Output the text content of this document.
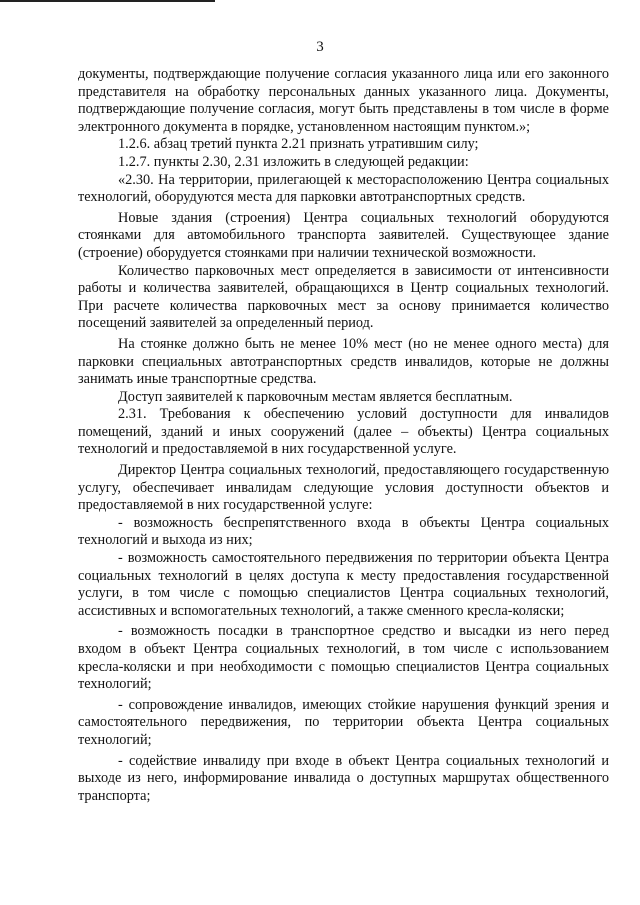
3

документы, подтверждающие получение согласия указанного лица или его законного представителя на обработку персональных данных указанного лица. Документы, подтверждающие получение согласия, могут быть представлены в том числе в форме электронного документа в порядке, установленном настоящим пунктом.»;

1.2.6. абзац третий пункта 2.21 признать утратившим силу;

1.2.7. пункты 2.30, 2.31 изложить в следующей редакции:

«2.30. На территории, прилегающей к месторасположению Центра социальных технологий, оборудуются места для парковки автотранспортных средств.

Новые здания (строения) Центра социальных технологий оборудуются стоянками для автомобильного транспорта заявителей. Существующее здание (строение) оборудуется стоянками при наличии технической возможности.

Количество парковочных мест определяется в зависимости от интенсивности работы и количества заявителей, обращающихся в Центр социальных технологий. При расчете количества парковочных мест за основу принимается количество посещений заявителей за определенный период.

На стоянке должно быть не менее 10% мест (но не менее одного места) для парковки специальных автотранспортных средств инвалидов, которые не должны занимать иные транспортные средства.

Доступ заявителей к парковочным местам является бесплатным.

2.31. Требования к обеспечению условий доступности для инвалидов помещений, зданий и иных сооружений (далее – объекты) Центра социальных технологий и предоставляемой в них государственной услуге.

Директор Центра социальных технологий, предоставляющего государственную услугу, обеспечивает инвалидам следующие условия доступности объектов и предоставляемой в них государственной услуге:

- возможность беспрепятственного входа в объекты Центра социальных технологий и выхода из них;

- возможность самостоятельного передвижения по территории объекта Центра социальных технологий в целях доступа к месту предоставления государственной услуги, в том числе с помощью специалистов Центра социальных технологий, ассистивных и вспомогательных технологий, а также сменного кресла-коляски;

- возможность посадки в транспортное средство и высадки из него перед входом в объект Центра социальных технологий, в том числе с использованием кресла-коляски и при необходимости с помощью специалистов Центра социальных технологий;

- сопровождение инвалидов, имеющих стойкие нарушения функций зрения и самостоятельного передвижения, по территории объекта Центра социальных технологий;

- содействие инвалиду при входе в объект Центра социальных технологий и выходе из него, информирование инвалида о доступных маршрутах общественного транспорта;
